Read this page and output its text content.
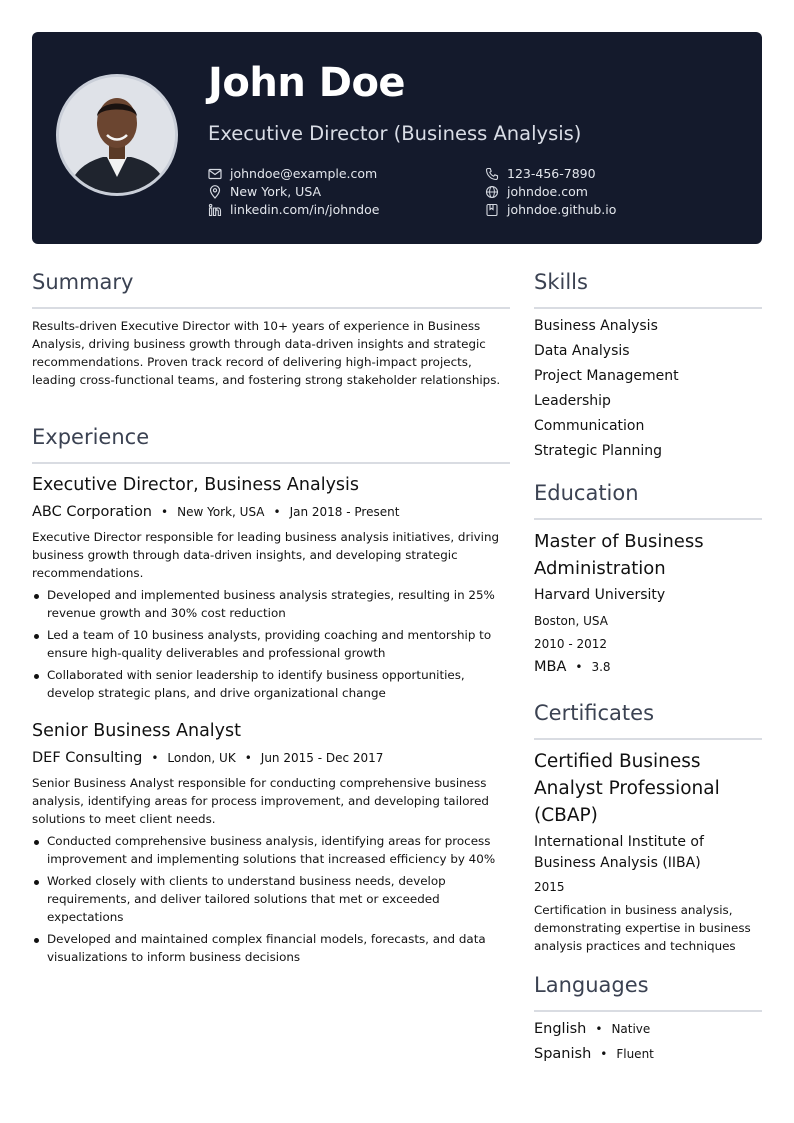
John Doe
Executive Director (Business Analysis)
johndoe@example.com
New York, USA
linkedin.com/in/johndoe
123-456-7890
johndoe.com
johndoe.github.io
Summary
Results-driven Executive Director with 10+ years of experience in Business Analysis, driving business growth through data-driven insights and strategic recommendations. Proven track record of delivering high-impact projects, leading cross-functional teams, and fostering strong stakeholder relationships.
Experience
Executive Director, Business Analysis
ABC Corporation • New York, USA • Jan 2018 - Present
Executive Director responsible for leading business analysis initiatives, driving business growth through data-driven insights, and developing strategic recommendations.
Developed and implemented business analysis strategies, resulting in 25% revenue growth and 30% cost reduction
Led a team of 10 business analysts, providing coaching and mentorship to ensure high-quality deliverables and professional growth
Collaborated with senior leadership to identify business opportunities, develop strategic plans, and drive organizational change
Senior Business Analyst
DEF Consulting • London, UK • Jun 2015 - Dec 2017
Senior Business Analyst responsible for conducting comprehensive business analysis, identifying areas for process improvement, and developing tailored solutions to meet client needs.
Conducted comprehensive business analysis, identifying areas for process improvement and implementing solutions that increased efficiency by 40%
Worked closely with clients to understand business needs, develop requirements, and deliver tailored solutions that met or exceeded expectations
Developed and maintained complex financial models, forecasts, and data visualizations to inform business decisions
Skills
Business Analysis
Data Analysis
Project Management
Leadership
Communication
Strategic Planning
Education
Master of Business Administration
Harvard University
Boston, USA
2010 - 2012
MBA • 3.8
Certificates
Certified Business Analyst Professional (CBAP)
International Institute of Business Analysis (IIBA)
2015
Certification in business analysis, demonstrating expertise in business analysis practices and techniques
Languages
English • Native
Spanish • Fluent
